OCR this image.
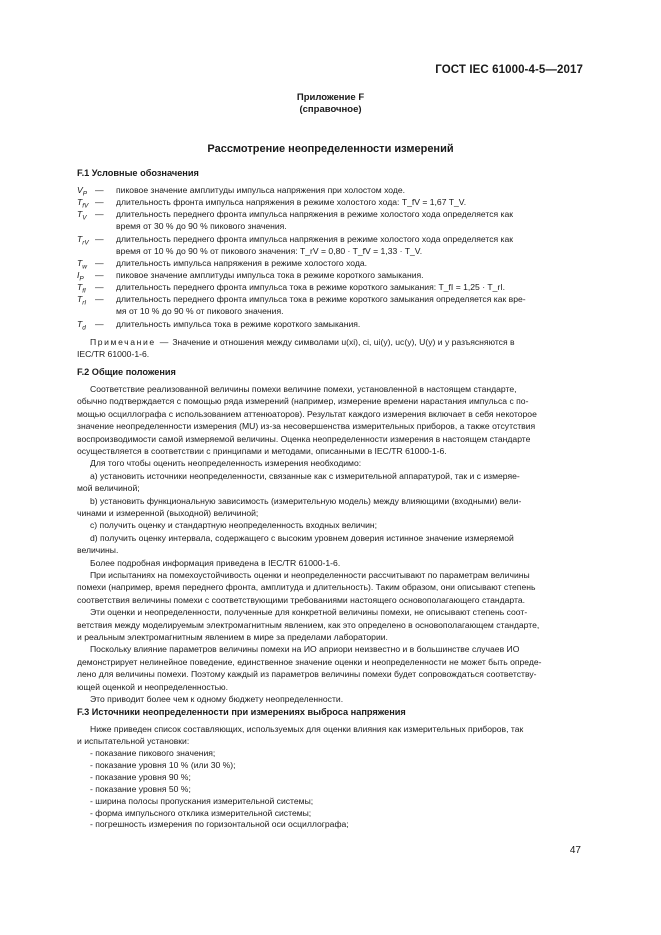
ГОСТ IEC 61000-4-5—2017
Приложение F
(справочное)
Рассмотрение неопределенности измерений
F.1 Условные обозначения
$V_P$ — пиковое значение амплитуды импульса напряжения при холостом ходе.
$T_{fV}$ — длительность фронта импульса напряжения в режиме холостого хода: T_fV = 1,67 T_V.
$T_V$ — длительность переднего фронта импульса напряжения в режиме холостого хода определяется как
время от 30 % до 90 % пикового значения.
$T_{rV}$ — длительность переднего фронта импульса напряжения в режиме холостого хода определяется как
время от 10 % до 90 % от пикового значения: T_rV = 0,80 · T_fV = 1,33 · T_V.
$T_w$ — длительность импульса напряжения в режиме холостого хода.
$I_P$ — пиковое значение амплитуды импульса тока в режиме короткого замыкания.
$T_{fI}$ — длительность переднего фронта импульса тока в режиме короткого замыкания: T_fI = 1,25 · T_rI.
$T_{rI}$ — длительность переднего фронта импульса тока в режиме короткого замыкания определяется как вре-
мя от 10 % до 90 % от пикового значения.
$T_d$ — длительность импульса тока в режиме короткого замыкания.
Примечание — Значение и отношения между символами u(xi), ci, ui(y), uc(y), U(y) и y разъясняются в
IEC/TR 61000-1-6.
F.2 Общие положения
Соответствие реализованной величины помехи величине помехи, установленной в настоящем стандарте,
обычно подтверждается с помощью ряда измерений (например, измерение времени нарастания импульса с по-
мощью осциллографа с использованием аттенюаторов). Результат каждого измерения включает в себя некоторое
значение неопределенности измерения (MU) из-за несовершенства измерительных приборов, а также отсутствия
воспроизводимости самой измеряемой величины. Оценка неопределенности измерения в настоящем стандарте
осуществляется в соответствии с принципами и методами, описанными в IEC/TR 61000-1-6.
Для того чтобы оценить неопределенность измерения необходимо:
a) установить источники неопределенности, связанные как с измерительной аппаратурой, так и с измеряе-
мой величиной;
b) установить функциональную зависимость (измерительную модель) между влияющими (входными) вели-
чинами и измеренной (выходной) величиной;
c) получить оценку и стандартную неопределенность входных величин;
d) получить оценку интервала, содержащего с высоким уровнем доверия истинное значение измеряемой
величины.
Более подробная информация приведена в IEC/TR 61000-1-6.
При испытаниях на помехоустойчивость оценки и неопределенности рассчитывают по параметрам величины
помехи (например, время переднего фронта, амплитуда и длительность). Таким образом, они описывают степень
соответствия величины помехи с соответствующими требованиями настоящего основополагающего стандарта.
Эти оценки и неопределенности, полученные для конкретной величины помехи, не описывают степень соот-
ветствия между моделируемым электромагнитным явлением, как это определено в основополагающем стандарте,
и реальным электромагнитным явлением в мире за пределами лаборатории.
Поскольку влияние параметров величины помехи на ИО априори неизвестно и в большинстве случаев ИО
демонстрирует нелинейное поведение, единственное значение оценки и неопределенности не может быть опреде-
лено для величины помехи. Поэтому каждый из параметров величины помехи будет сопровождаться соответству-
ющей оценкой и неопределенностью.
Это приводит более чем к одному бюджету неопределенности.
F.3 Источники неопределенности при измерениях выброса напряжения
Ниже приведен список составляющих, используемых для оценки влияния как измерительных приборов, так
и испытательной установки:
- показание пикового значения;
- показание уровня 10 % (или 30 %);
- показание уровня 90 %;
- показание уровня 50 %;
- ширина полосы пропускания измерительной системы;
- форма импульсного отклика измерительной системы;
- погрешность измерения по горизонтальной оси осциллографа;
47
